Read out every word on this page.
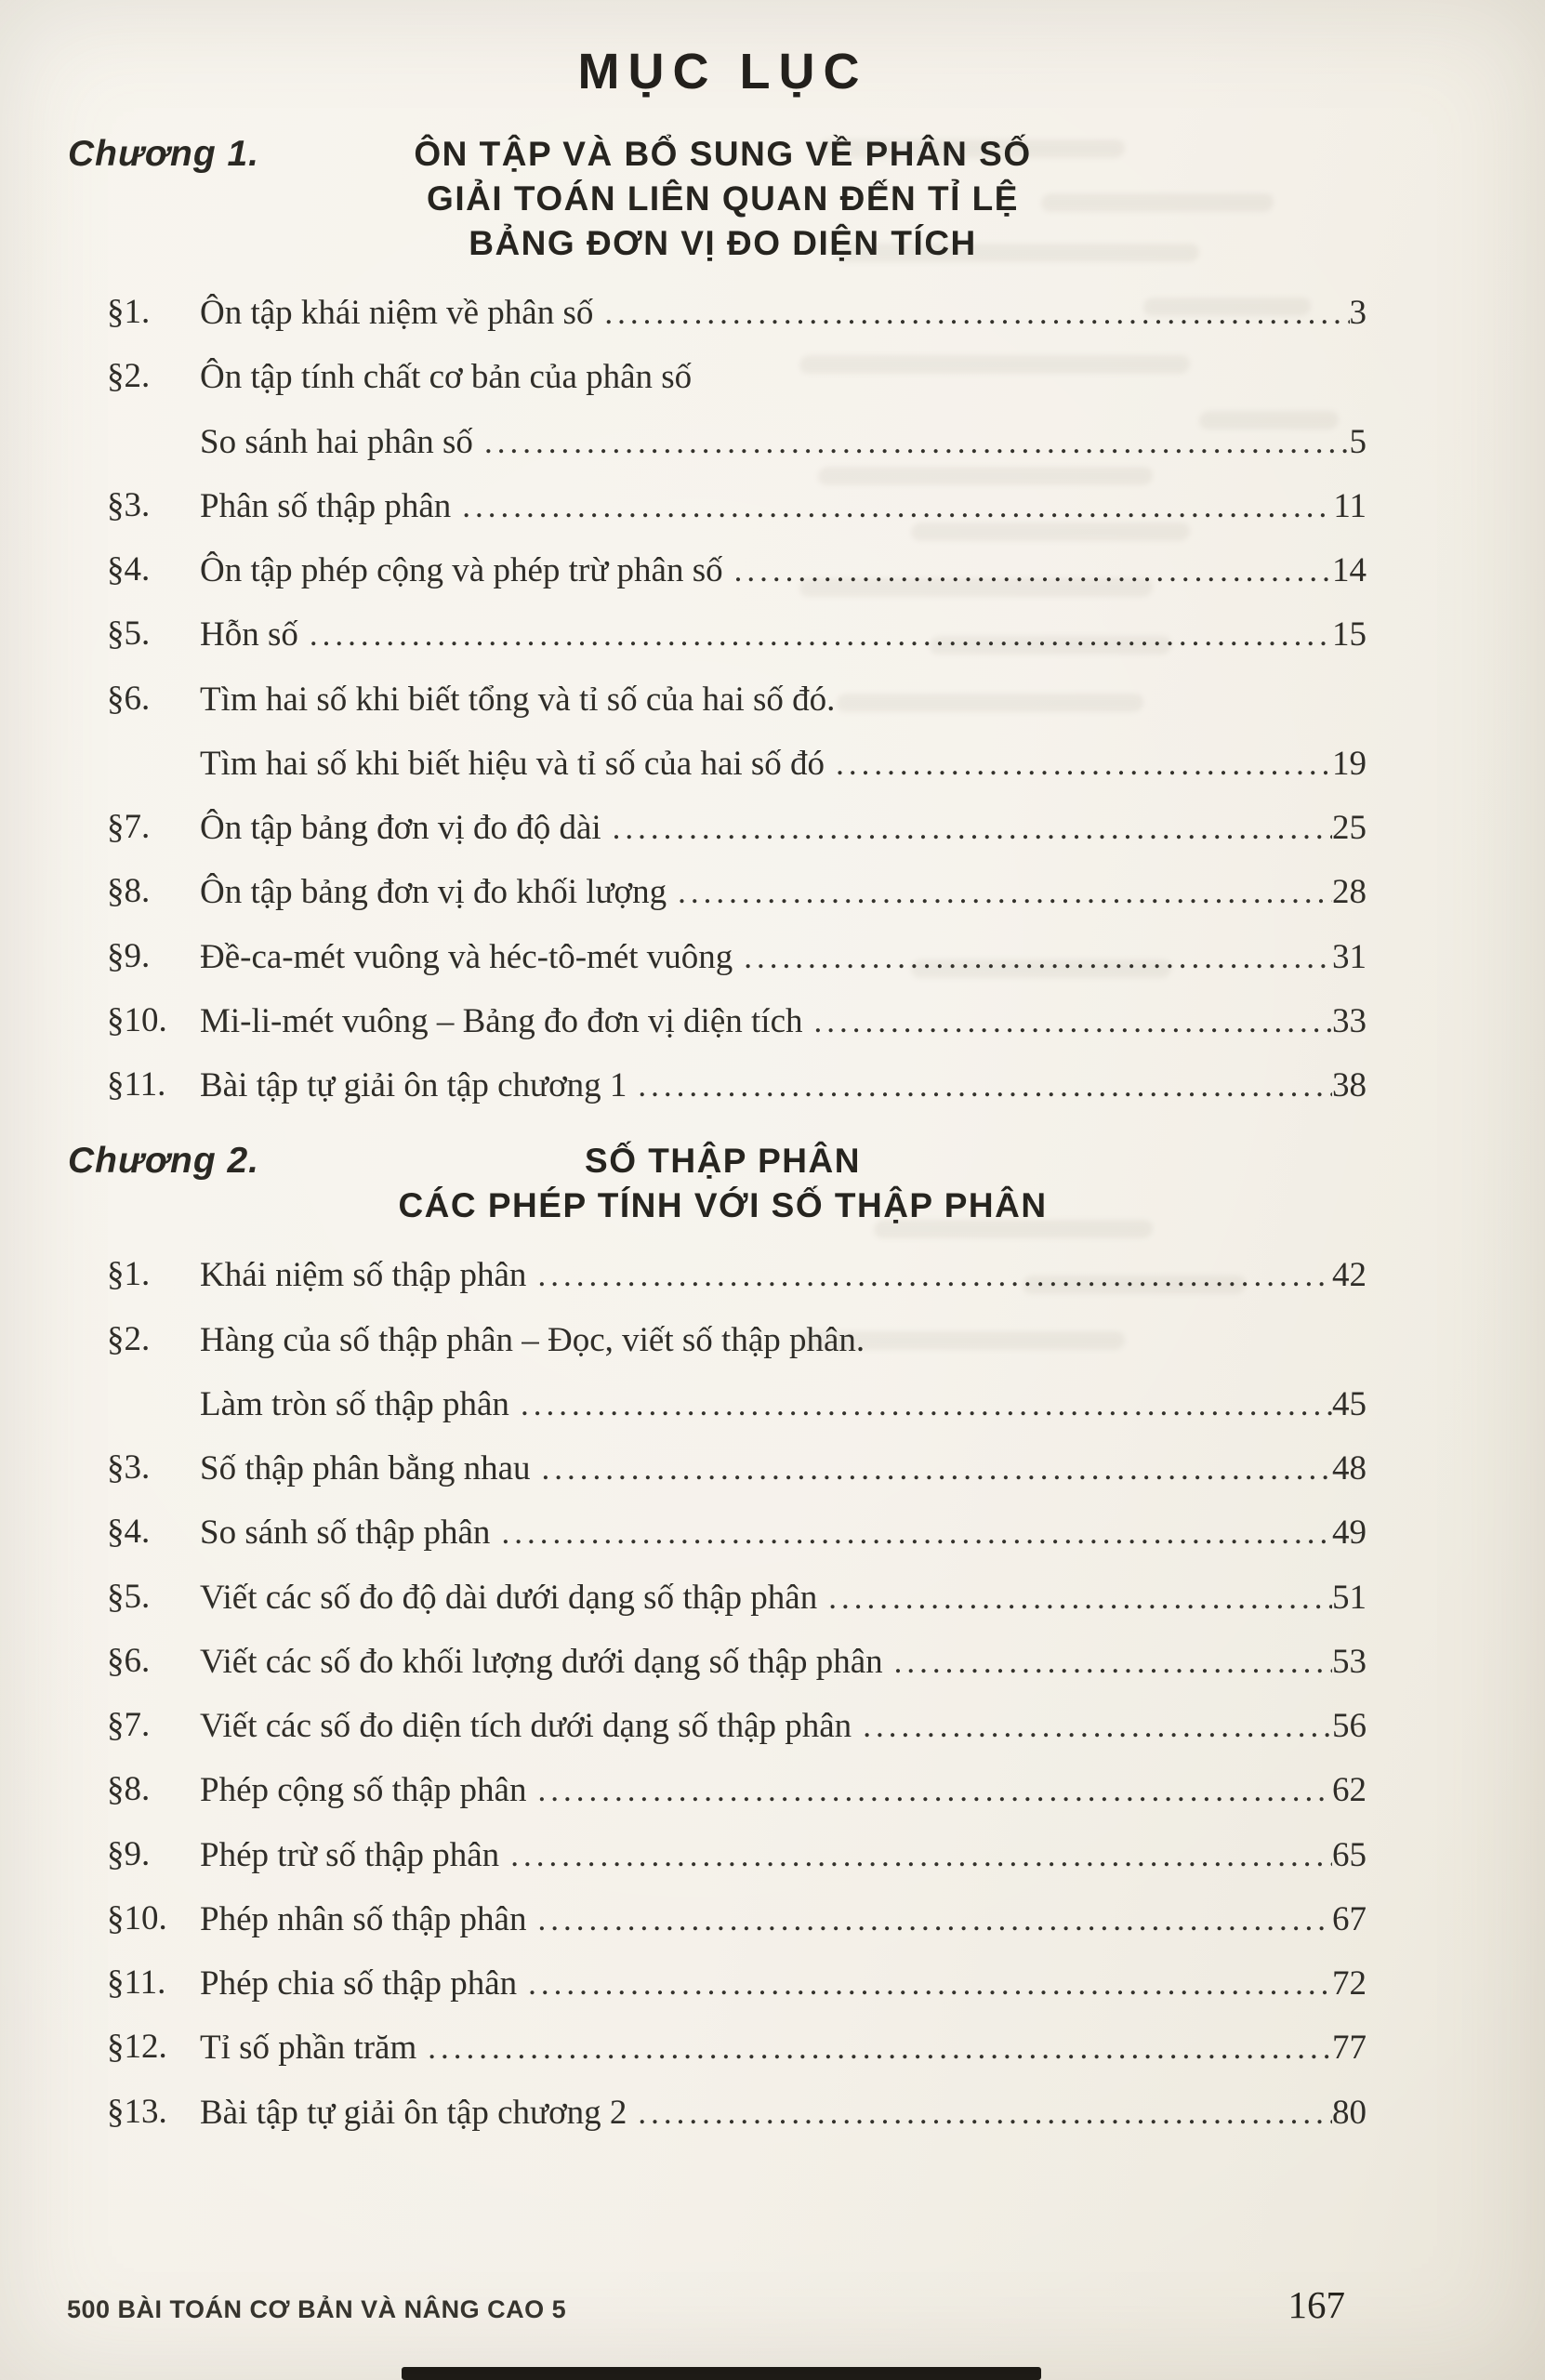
MỤC LỤC
Chương 1.	ÔN TẬP VÀ BỔ SUNG VỀ PHÂN SỐ
GIẢI TOÁN LIÊN QUAN ĐẾN TỈ LỆ
BẢNG ĐƠN VỊ ĐO DIỆN TÍCH
§1.	Ôn tập khái niệm về phân số .....	3
§2.	Ôn tập tính chất cơ bản của phân số
So sánh hai phân số .....	5
§3.	Phân số thập phân .....	11
§4.	Ôn tập phép cộng và phép trừ phân số .....	14
§5.	Hỗn số .....	15
§6.	Tìm hai số khi biết tổng và tỉ số của hai số đó.
Tìm hai số khi biết hiệu và tỉ số của hai số đó .....	19
§7.	Ôn tập bảng đơn vị đo độ dài .....	25
§8.	Ôn tập bảng đơn vị đo khối lượng .....	28
§9.	Đề-ca-mét vuông và héc-tô-mét vuông .....	31
§10. Mi-li-mét vuông – Bảng đo đơn vị diện tích .....	33
§11. Bài tập tự giải ôn tập chương 1 .....	38
Chương 2.	SỐ THẬP PHÂN
CÁC PHÉP TÍNH VỚI SỐ THẬP PHÂN
§1.	Khái niệm số thập phân .....	42
§2.	Hàng của số thập phân – Đọc, viết số thập phân.
Làm tròn số thập phân .....	45
§3.	Số thập phân bằng nhau .....	48
§4.	So sánh số thập phân .....	49
§5.	Viết các số đo độ dài dưới dạng số thập phân .....	51
§6.	Viết các số đo khối lượng dưới dạng số thập phân .....	53
§7.	Viết các số đo diện tích dưới dạng số thập phân .....	56
§8.	Phép cộng số thập phân .....	62
§9.	Phép trừ số thập phân .....	65
§10. Phép nhân số thập phân .....	67
§11. Phép chia số thập phân .....	72
§12. Tỉ số phần trăm .....	77
§13. Bài tập tự giải ôn tập chương 2 .....	80
500 BÀI TOÁN CƠ BẢN VÀ NÂNG CAO 5	167
